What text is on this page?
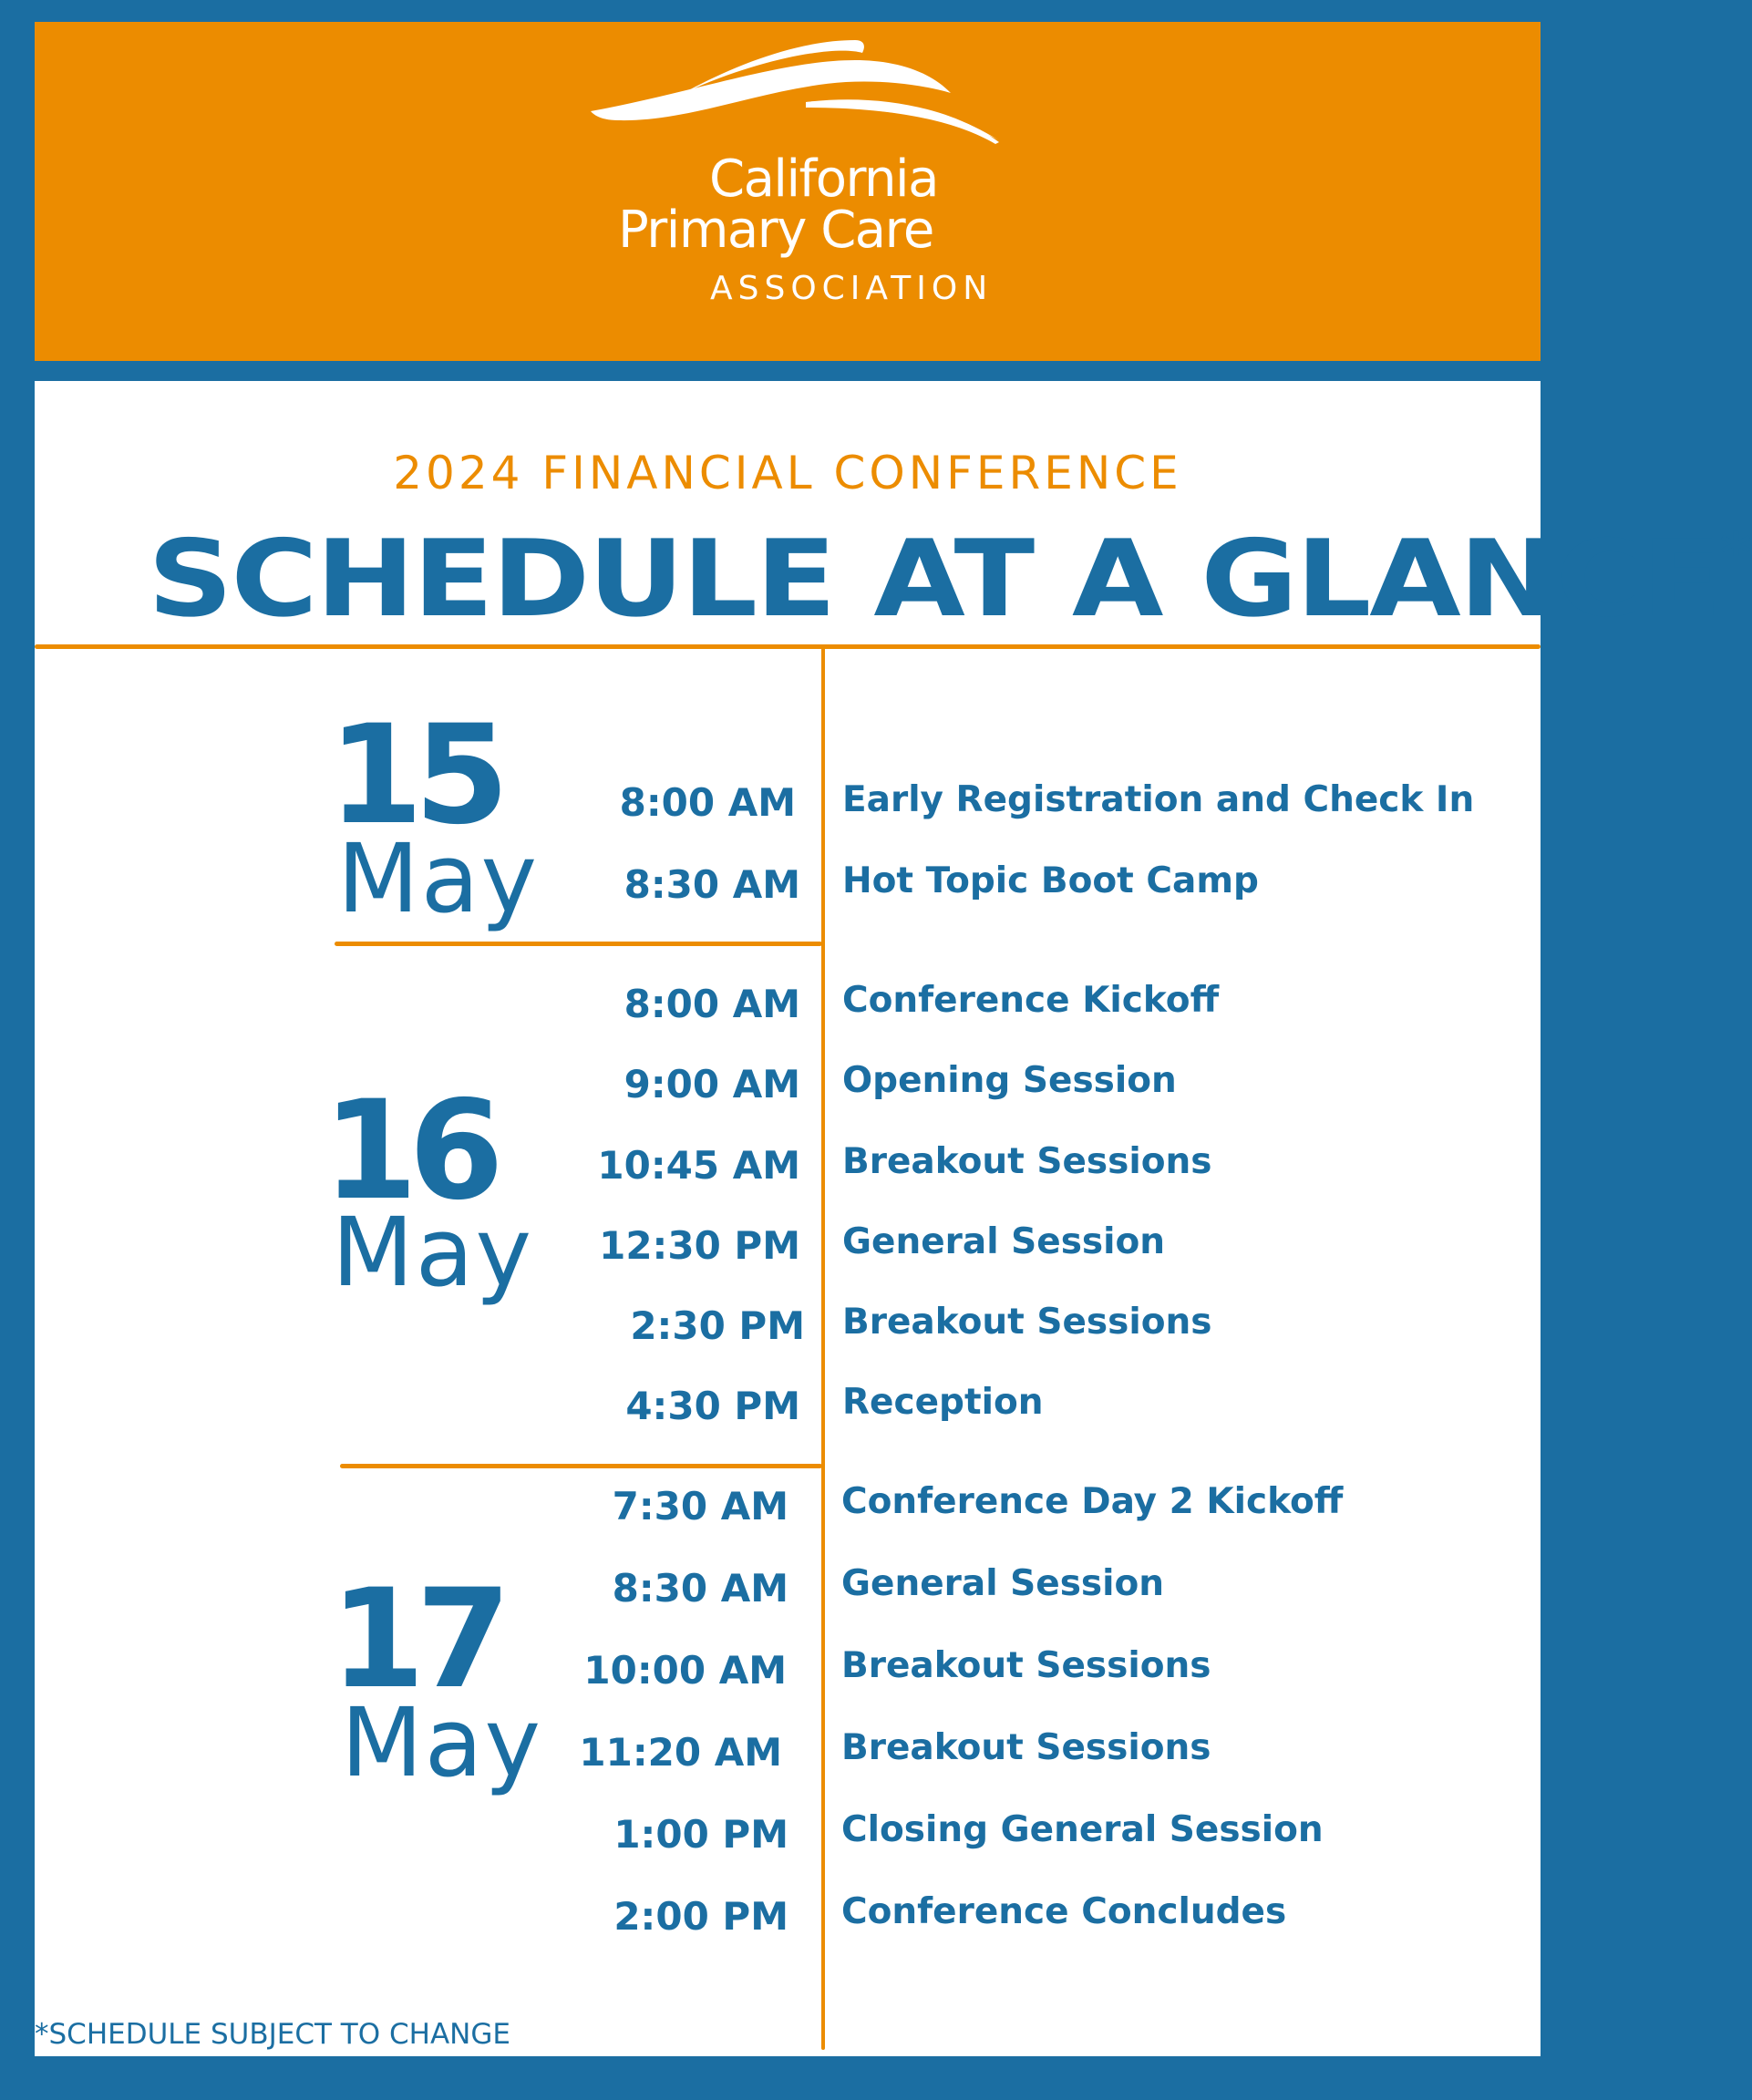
California
Primary Care
ASSOCIATION
2024 FINANCIAL CONFERENCE
SCHEDULE AT A GLANCE*
15
May
8:00 AM Early Registration and Check In
8:30 AM Hot Topic Boot Camp
16
May
8:00 AM Conference Kickoff
9:00 AM Opening Session
10:45 AM Breakout Sessions
12:30 PM General Session
2:30 PM Breakout Sessions
4:30 PM Reception
17
May
7:30 AM Conference Day 2 Kickoff
8:30 AM General Session
10:00 AM Breakout Sessions
11:20 AM Breakout Sessions
1:00 PM Closing General Session
2:00 PM Conference Concludes
*SCHEDULE SUBJECT TO CHANGE
